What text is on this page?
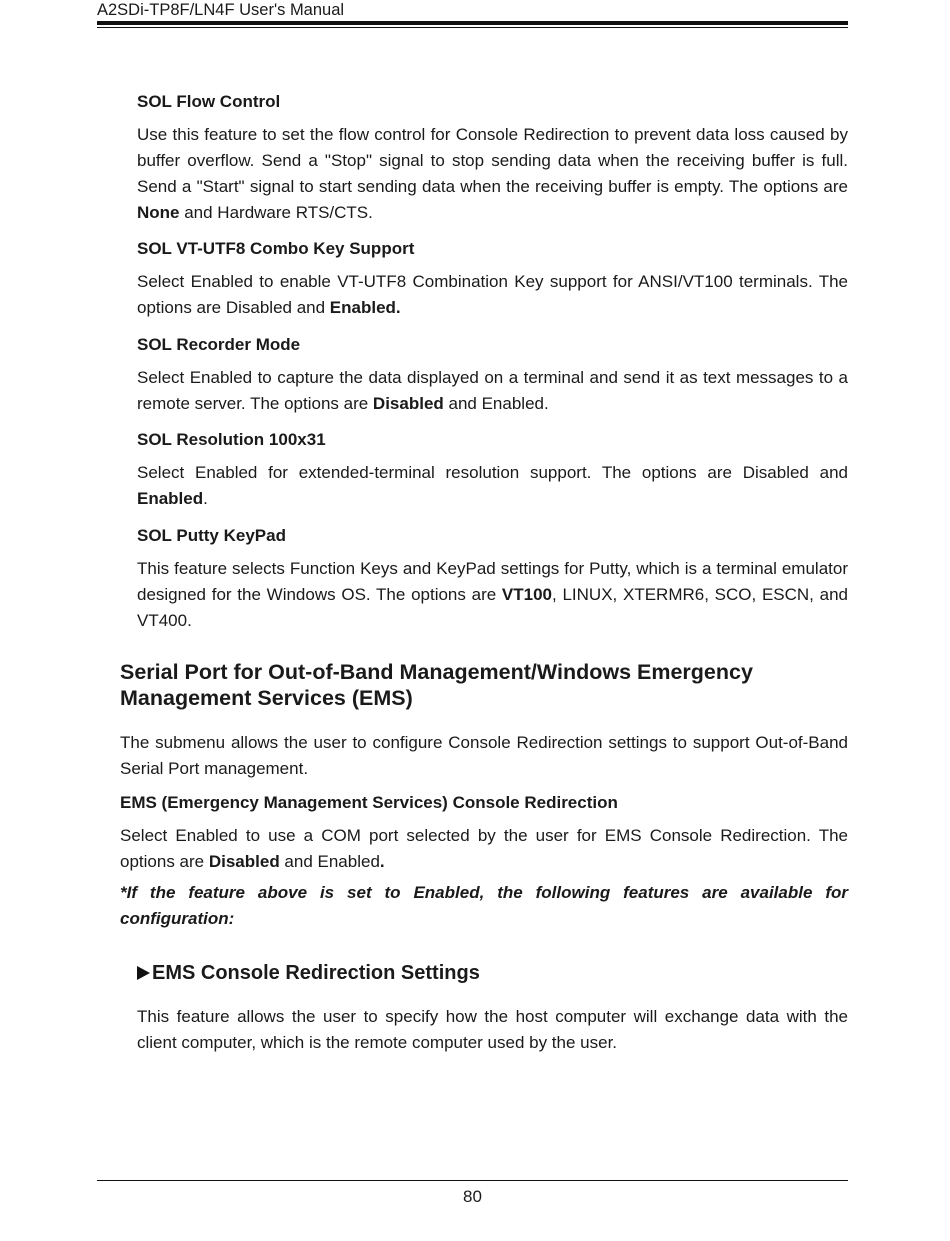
A2SDi-TP8F/LN4F User's Manual
SOL Flow Control

Use this feature to set the flow control for Console Redirection to prevent data loss caused by buffer overflow. Send a "Stop" signal to stop sending data when the receiving buffer is full. Send a "Start" signal to start sending data when the receiving buffer is empty. The options are None and Hardware RTS/CTS.

SOL VT-UTF8 Combo Key Support

Select Enabled to enable VT-UTF8 Combination Key support for ANSI/VT100 terminals. The options are Disabled and Enabled.

SOL Recorder Mode

Select Enabled to capture the data displayed on a terminal and send it as text messages to a remote server. The options are Disabled and Enabled.

SOL Resolution 100x31

Select Enabled for extended-terminal resolution support. The options are Disabled and Enabled.

SOL Putty KeyPad

This feature selects Function Keys and KeyPad settings for Putty, which is a terminal emulator designed for the Windows OS. The options are VT100, LINUX, XTERMR6, SCO, ESCN, and VT400.

Serial Port for Out-of-Band Management/Windows Emergency Management Services (EMS)

The submenu allows the user to configure Console Redirection settings to support Out-of-Band Serial Port management.

EMS (Emergency Management Services) Console Redirection

Select Enabled to use a COM port selected by the user for EMS Console Redirection. The options are Disabled and Enabled.

*If the feature above is set to Enabled, the following features are available for configuration:

EMS Console Redirection Settings

This feature allows the user to specify how the host computer will exchange data with the client computer, which is the remote computer used by the user.

80
